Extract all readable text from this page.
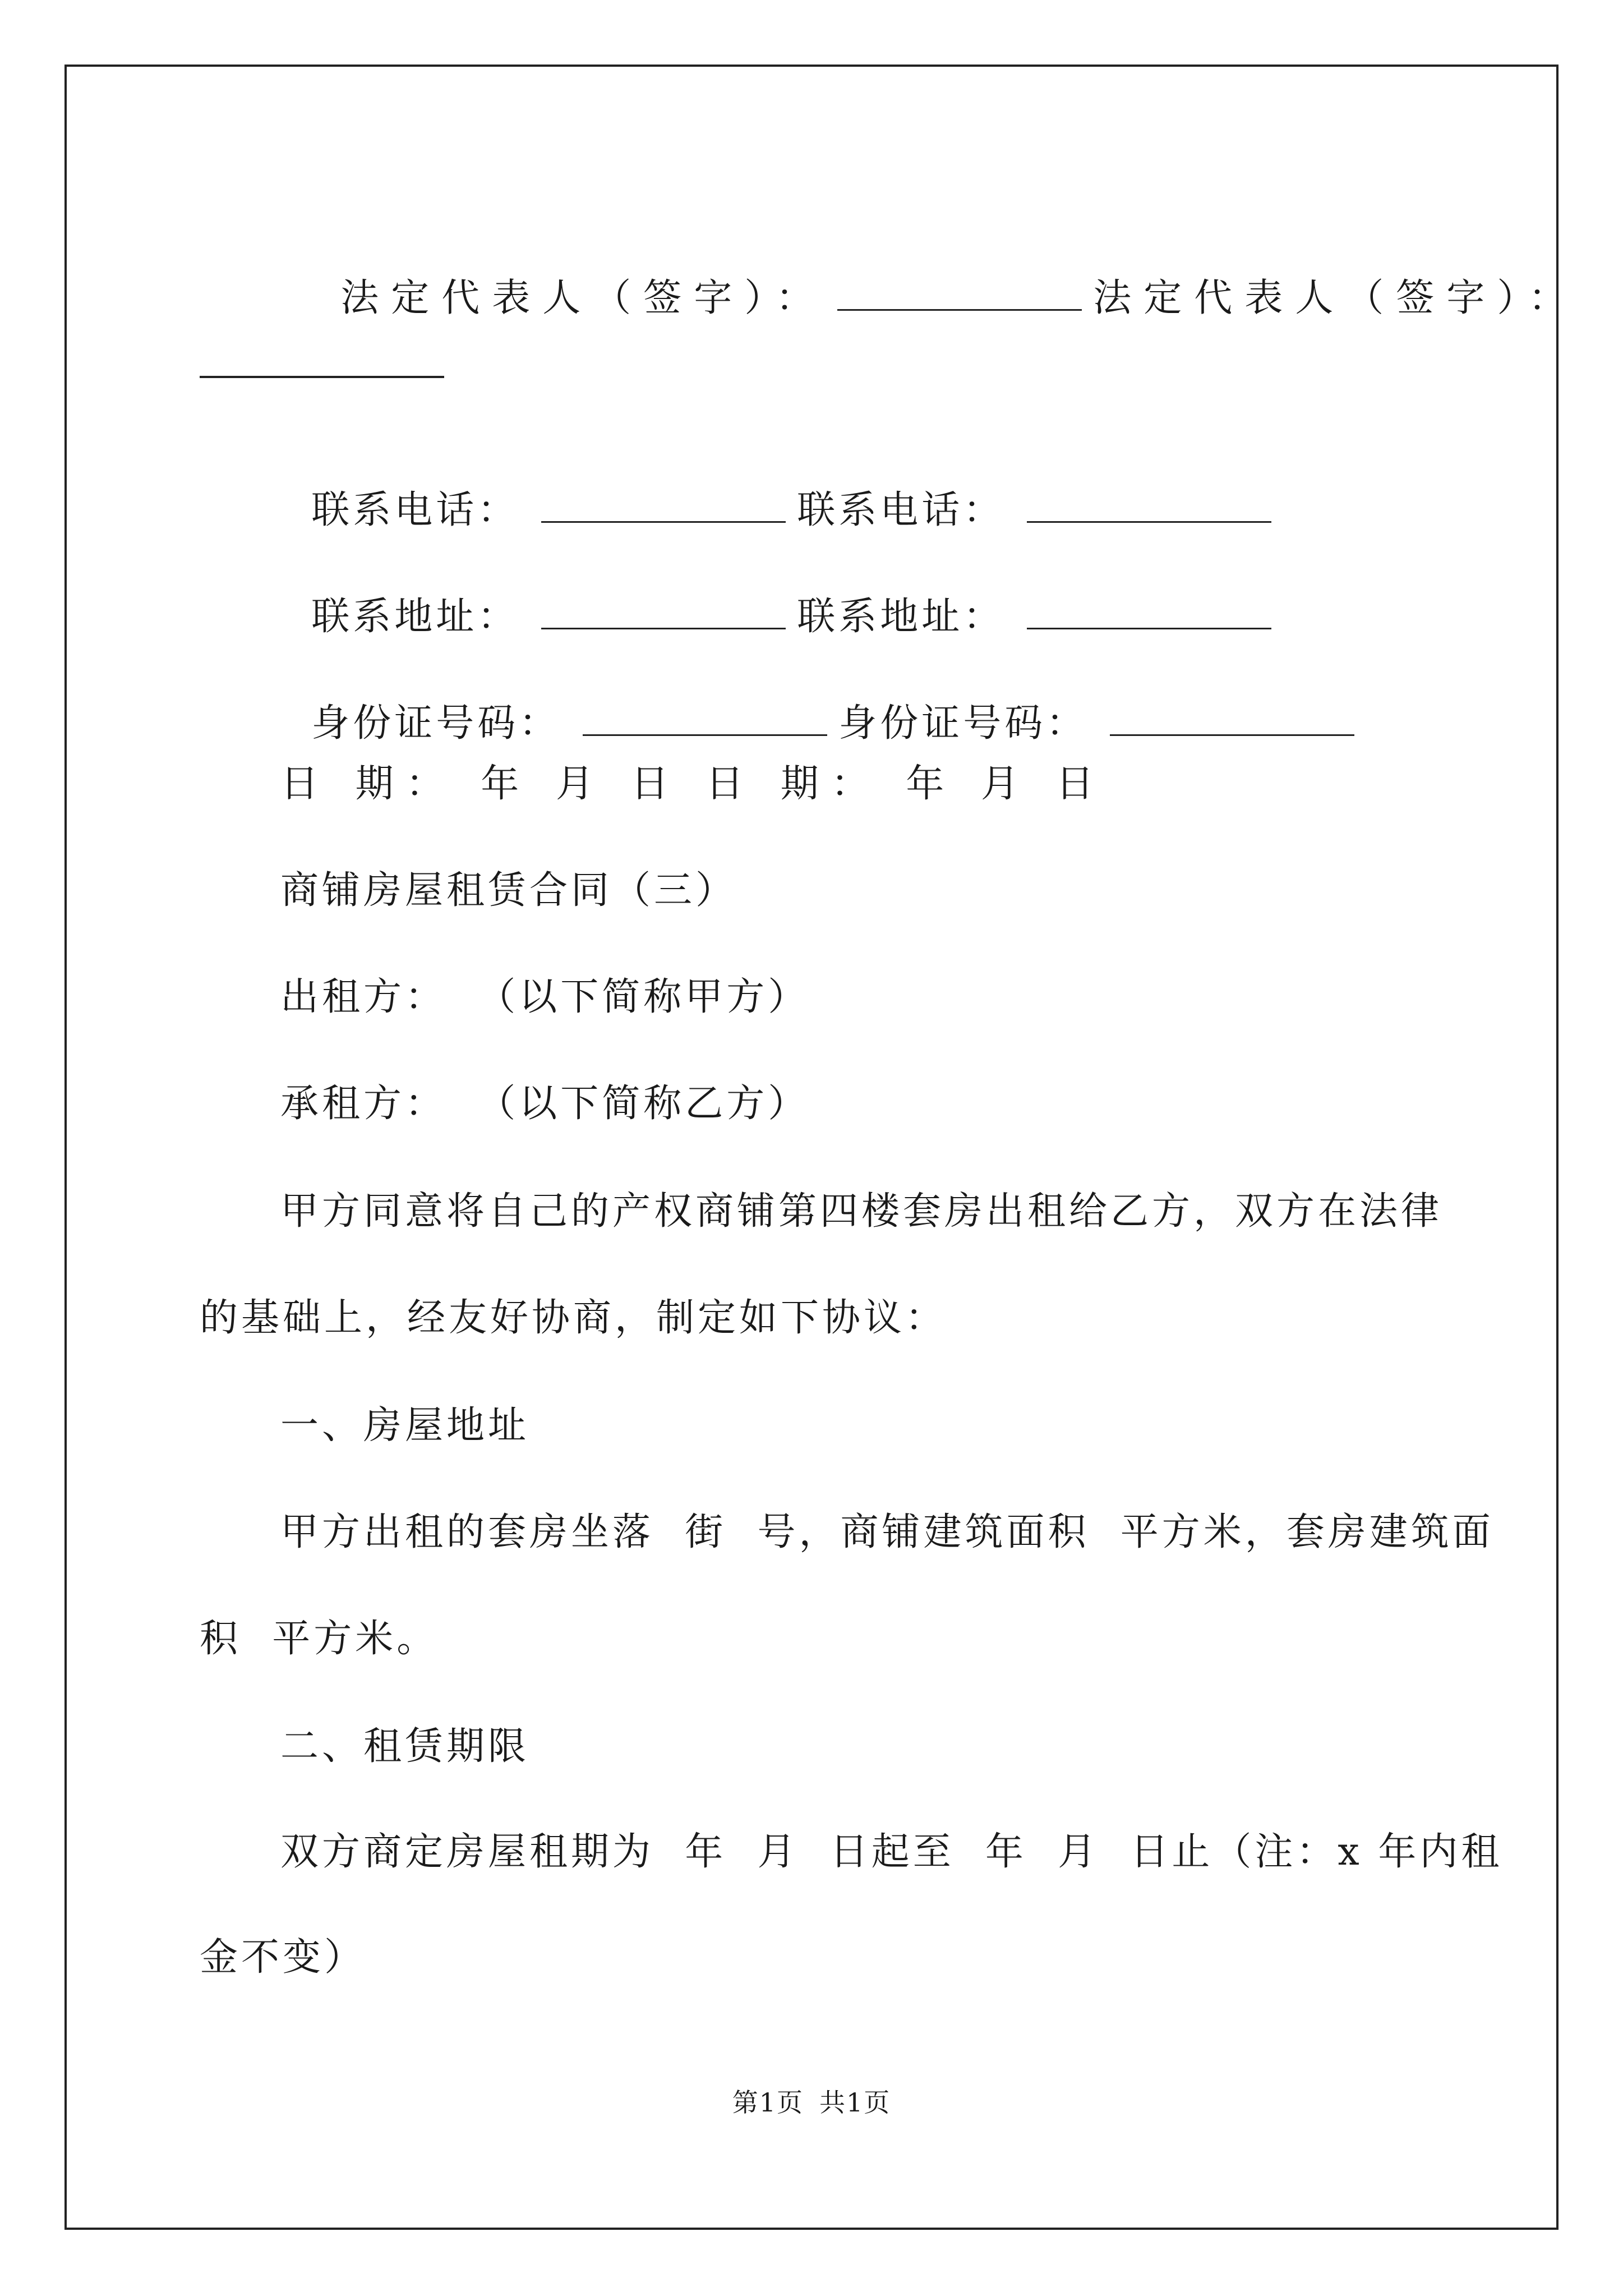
法定代表人（签字）：	法定代表人（签字）：

联系电话：	联系电话：

联系地址：	联系地址：

身份证号码：	身份证号码：

日 期： 年 月 日 日 期： 年 月 日
商铺房屋租赁合同（三）
出租方：  （以下简称甲方）
承租方：  （以下简称乙方）
甲方同意将自己的产权商铺第四楼套房出租给乙方，双方在法律
的基础上，经友好协商，制定如下协议：
一、房屋地址
甲方出租的套房坐落  街  号，商铺建筑面积  平方米，套房建筑面
积  平方米。
二、租赁期限
双方商定房屋租期为  年  月  日起至  年  月  日止（注：x 年内租
金不变）
第1页 共1页
